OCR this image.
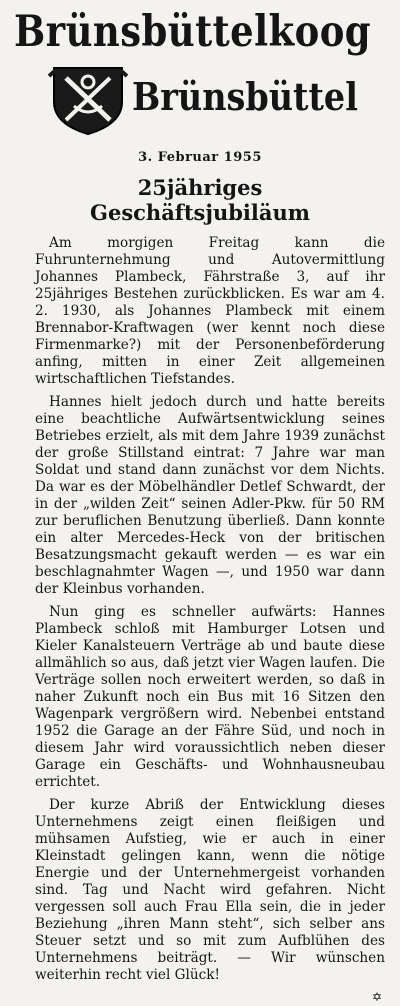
Brünsbüttelkoog
Brünsbüttel
3. Februar 1955
25jähriges
Geschäftsjubiläum

Am morgigen Freitag kann die Fuhrunternehmung und Autovermittlung Johannes Plambeck, Fährstraße 3, auf ihr 25jähriges Bestehen zurückblicken. Es war am 4. 2. 1930, als Johannes Plambeck mit einem Brennabor-Kraftwagen (wer kennt noch diese Firmenmarke?) mit der Personenbeförderung anfing, mitten in einer Zeit allgemeinen wirtschaftlichen Tiefstandes.

Hannes hielt jedoch durch und hatte bereits eine beachtliche Aufwärtsentwicklung seines Betriebes erzielt, als mit dem Jahre 1939 zunächst der große Stillstand eintrat: 7 Jahre war man Soldat und stand dann zunächst vor dem Nichts. Da war es der Möbelhändler Detlef Schwardt, der in der „wilden Zeit“ seinen Adler-Pkw. für 50 RM zur beruflichen Benutzung überließ. Dann konnte ein alter Mercedes-Heck von der britischen Besatzungsmacht gekauft werden — es war ein beschlagnahmter Wagen —, und 1950 war dann der Kleinbus vorhanden.

Nun ging es schneller aufwärts: Hannes Plambeck schloß mit Hamburger Lotsen und Kieler Kanalsteuern Verträge ab und baute diese allmählich so aus, daß jetzt vier Wagen laufen. Die Verträge sollen noch erweitert werden, so daß in naher Zukunft noch ein Bus mit 16 Sitzen den Wagenpark vergrößern wird. Nebenbei entstand 1952 die Garage an der Fähre Süd, und noch in diesem Jahr wird voraussichtlich neben dieser Garage ein Geschäfts- und Wohnhausneubau errichtet.

Der kurze Abriß der Entwicklung dieses Unternehmens zeigt einen fleißigen und mühsamen Aufstieg, wie er auch in einer Kleinstadt gelingen kann, wenn die nötige Energie und der Unternehmergeist vorhanden sind. Tag und Nacht wird gefahren. Nicht vergessen soll auch Frau Ella sein, die in jeder Beziehung „ihren Mann steht“, sich selber ans Steuer setzt und so mit zum Aufblühen des Unternehmens beiträgt. — Wir wünschen weiterhin recht viel Glück!

✡
